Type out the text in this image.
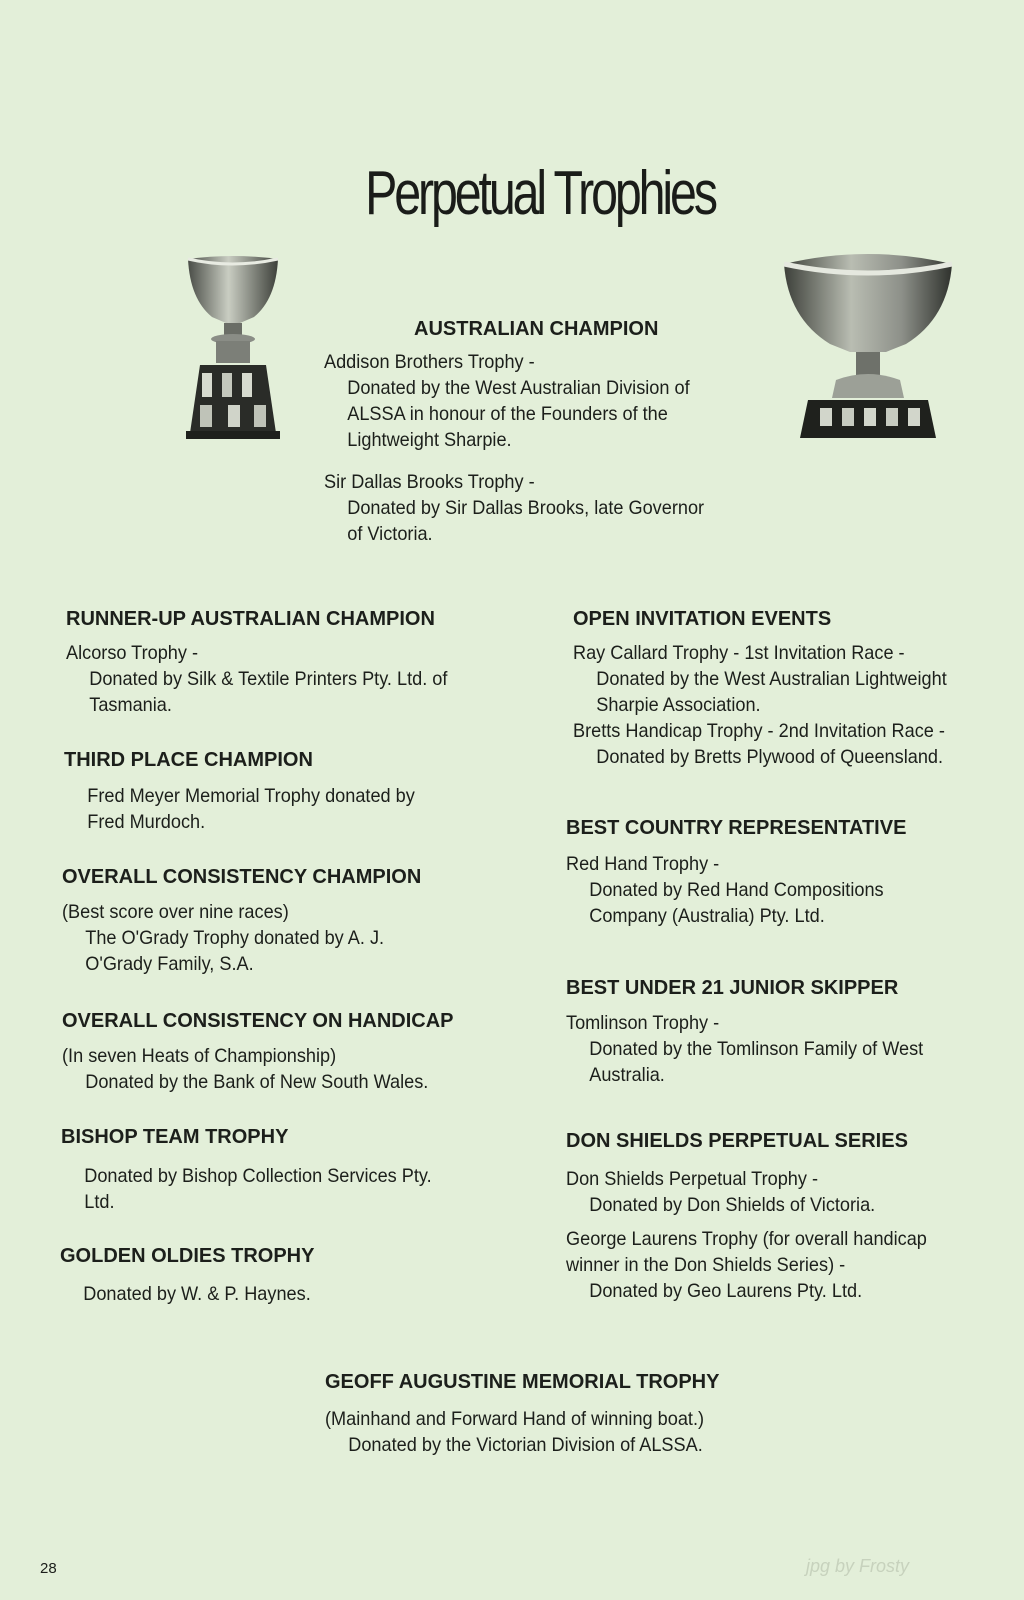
Perpetual Trophies
AUSTRALIAN CHAMPION

Addison Brothers Trophy -

Donated by the West Australian Division of

ALSSA in honour of the Founders of the

Lightweight Sharpie.

Sir Dallas Brooks Trophy -

Donated by Sir Dallas Brooks, late Governor

of Victoria.

RUNNER-UP AUSTRALIAN CHAMPION

Alcorso Trophy -

Donated by Silk & Textile Printers Pty. Ltd. of

Tasmania.

THIRD PLACE CHAMPION

Fred Meyer Memorial Trophy donated by

Fred Murdoch.

OVERALL CONSISTENCY CHAMPION

(Best score over nine races)

The O'Grady Trophy donated by A. J.

O'Grady Family, S.A.

OVERALL CONSISTENCY ON HANDICAP

(In seven Heats of Championship)

Donated by the Bank of New South Wales.

BISHOP TEAM TROPHY

Donated by Bishop Collection Services Pty.

Ltd.

GOLDEN OLDIES TROPHY

Donated by W. & P. Haynes.

OPEN INVITATION EVENTS

Ray Callard Trophy - 1st Invitation Race -

Donated by the West Australian Lightweight

Sharpie Association.

Bretts Handicap Trophy - 2nd Invitation Race -

Donated by Bretts Plywood of Queensland.

BEST COUNTRY REPRESENTATIVE

Red Hand Trophy -

Donated by Red Hand Compositions

Company (Australia) Pty. Ltd.

BEST UNDER 21 JUNIOR SKIPPER

Tomlinson Trophy -

Donated by the Tomlinson Family of West

Australia.

DON SHIELDS PERPETUAL SERIES

Don Shields Perpetual Trophy -

Donated by Don Shields of Victoria.

George Laurens Trophy (for overall handicap

winner in the Don Shields Series) -

Donated by Geo Laurens Pty. Ltd.

GEOFF AUGUSTINE MEMORIAL TROPHY

(Mainhand and Forward Hand of winning boat.)

Donated by the Victorian Division of ALSSA.

28	jpg by Frosty
